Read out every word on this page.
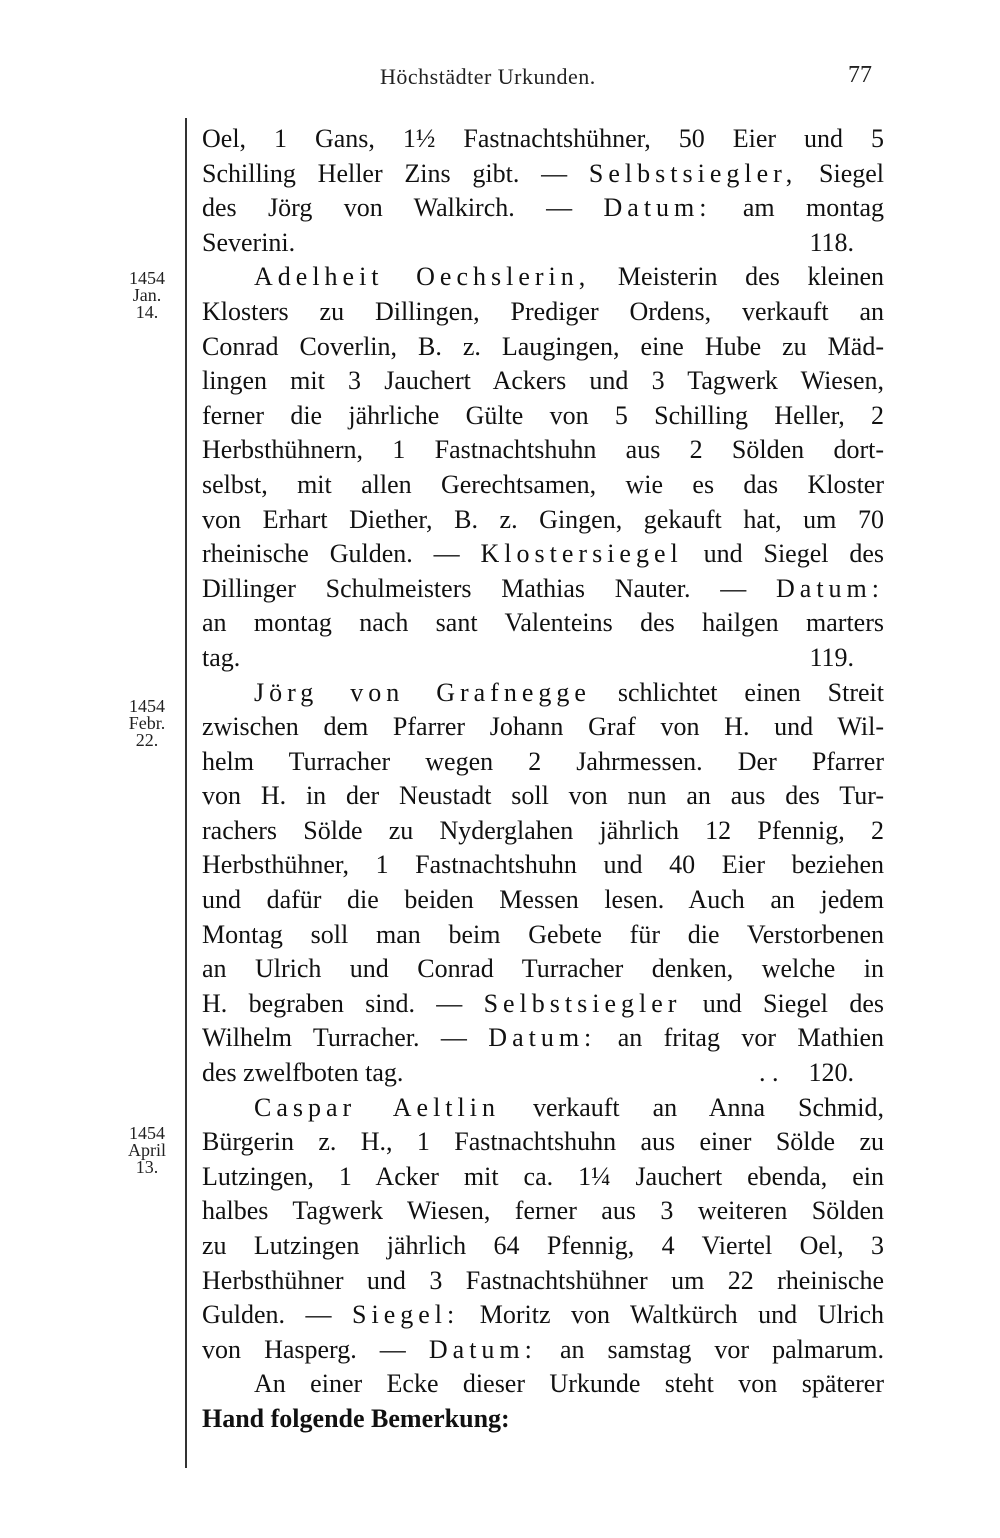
Höchstädter Urkunden.	77
1454
Jan.
14.
1454
Febr.
22.
1454
April
13.
Oel, 1 Gans, 1½ Fastnachtshühner, 50 Eier und 5
Schilling Heller Zins gibt. — Selbstsiegler, Siegel
des Jörg von Walkirch. — Datum: am montag
Severini.	118.
Adelheit Oechslerin, Meisterin des kleinen
Klosters zu Dillingen, Prediger Ordens, verkauft an
Conrad Coverlin, B. z. Laugingen, eine Hube zu Mäd-
lingen mit 3 Jauchert Ackers und 3 Tagwerk Wiesen,
ferner die jährliche Gülte von 5 Schilling Heller, 2
Herbsthühnern, 1 Fastnachtshuhn aus 2 Sölden dort-
selbst, mit allen Gerechtsamen, wie es das Kloster
von Erhart Diether, B. z. Gingen, gekauft hat, um 70
rheinische Gulden. — Klostersiegel und Siegel des
Dillinger Schulmeisters Mathias Nauter. — Datum:
an montag nach sant Valenteins des hailgen marters
tag.	119.
Jörg von Grafnegge schlichtet einen Streit
zwischen dem Pfarrer Johann Graf von H. und Wil-
helm Turracher wegen 2 Jahrmessen. Der Pfarrer
von H. in der Neustadt soll von nun an aus des Tur-
rachers Sölde zu Nyderglahen jährlich 12 Pfennig, 2
Herbsthühner, 1 Fastnachtshuhn und 40 Eier beziehen
und dafür die beiden Messen lesen. Auch an jedem
Montag soll man beim Gebete für die Verstorbenen
an Ulrich und Conrad Turracher denken, welche in
H. begraben sind. — Selbstsiegler und Siegel des
Wilhelm Turracher. — Datum: an fritag vor Mathien
des zwelfboten tag.	120.
. .
Caspar Aeltlin verkauft an Anna Schmid,
Bürgerin z. H., 1 Fastnachtshuhn aus einer Sölde zu
Lutzingen, 1 Acker mit ca. 1¼ Jauchert ebenda, ein
halbes Tagwerk Wiesen, ferner aus 3 weiteren Sölden
zu Lutzingen jährlich 64 Pfennig, 4 Viertel Oel, 3
Herbsthühner und 3 Fastnachtshühner um 22 rheinische
Gulden. — Siegel: Moritz von Waltkürch und Ulrich
von Hasperg. — Datum: an samstag vor palmarum.
An einer Ecke dieser Urkunde steht von späterer
Hand folgende Bemerkung:
